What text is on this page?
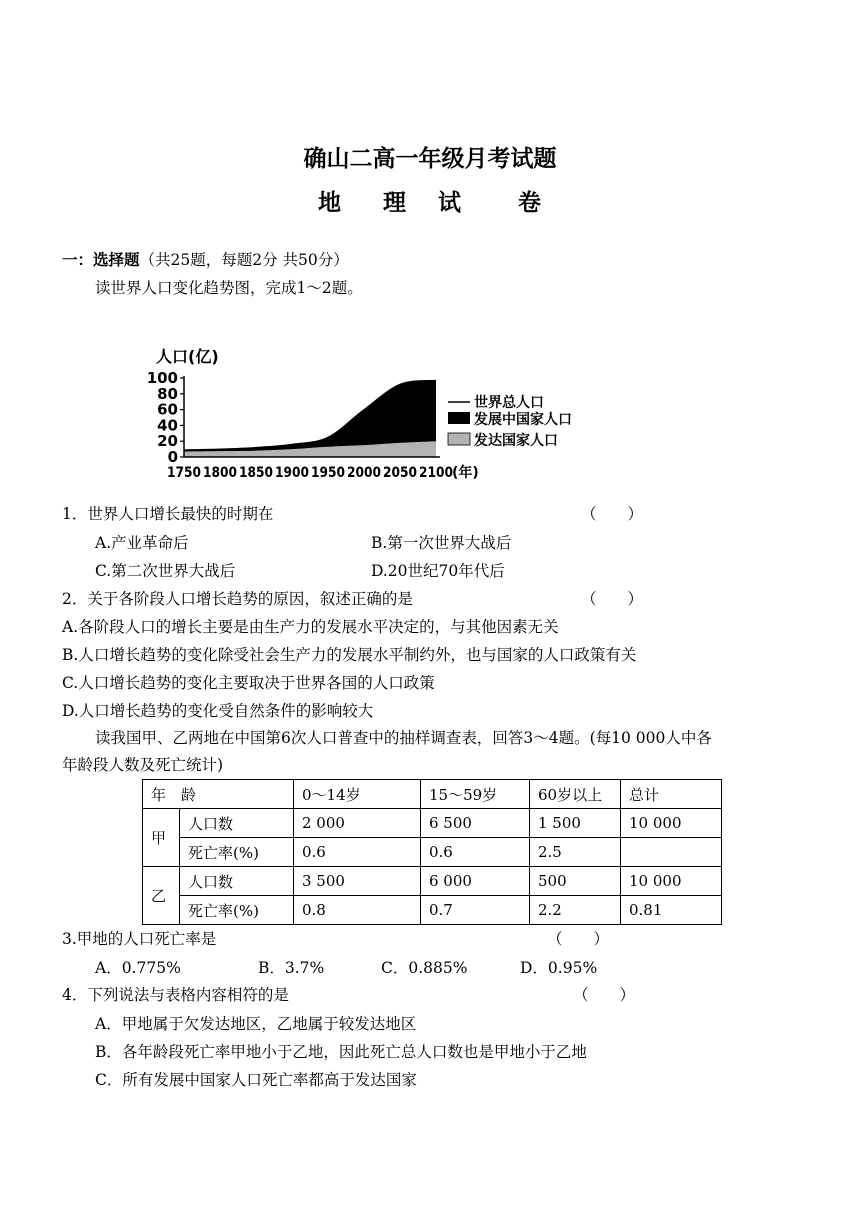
确山二高一年级月考试题
地 理 试 卷
一：选择题（共25题，每题2分 共50分）
读世界人口变化趋势图，完成1～2题。
人口(亿)
0
20
40
60
80
100
1750 1800 1850 1900 1950 2000 2050 2100
(年)
世界总人口
发展中国家人口
发达国家人口
1．世界人口增长最快的时期在	（　　）
A.产业革命后	B.第一次世界大战后
C.第二次世界大战后	D.20世纪70年代后
2．关于各阶段人口增长趋势的原因，叙述正确的是	（　　）
A.各阶段人口的增长主要是由生产力的发展水平决定的，与其他因素无关
B.人口增长趋势的变化除受社会生产力的发展水平制约外，也与国家的人口政策有关
C.人口增长趋势的变化主要取决于世界各国的人口政策
D.人口增长趋势的变化受自然条件的影响较大
读我国甲、乙两地在中国第6次人口普查中的抽样调查表，回答3～4题。(每10 000人中各
年龄段人数及死亡统计)
年　龄		0～14岁	15～59岁	60岁以上	总计
甲	人口数	2 000	6 500	1 500	10 000
	死亡率(%)	0.6	0.6	2.5	
乙	人口数	3 500	6 000	500	10 000
	死亡率(%)	0.8	0.7	2.2	0.81
3.甲地的人口死亡率是	（　　）
A．0.775%	B．3.7%	C．0.885%	D．0.95%
4．下列说法与表格内容相符的是	（　　）
A．甲地属于欠发达地区，乙地属于较发达地区
B．各年龄段死亡率甲地小于乙地，因此死亡总人口数也是甲地小于乙地
C．所有发展中国家人口死亡率都高于发达国家
